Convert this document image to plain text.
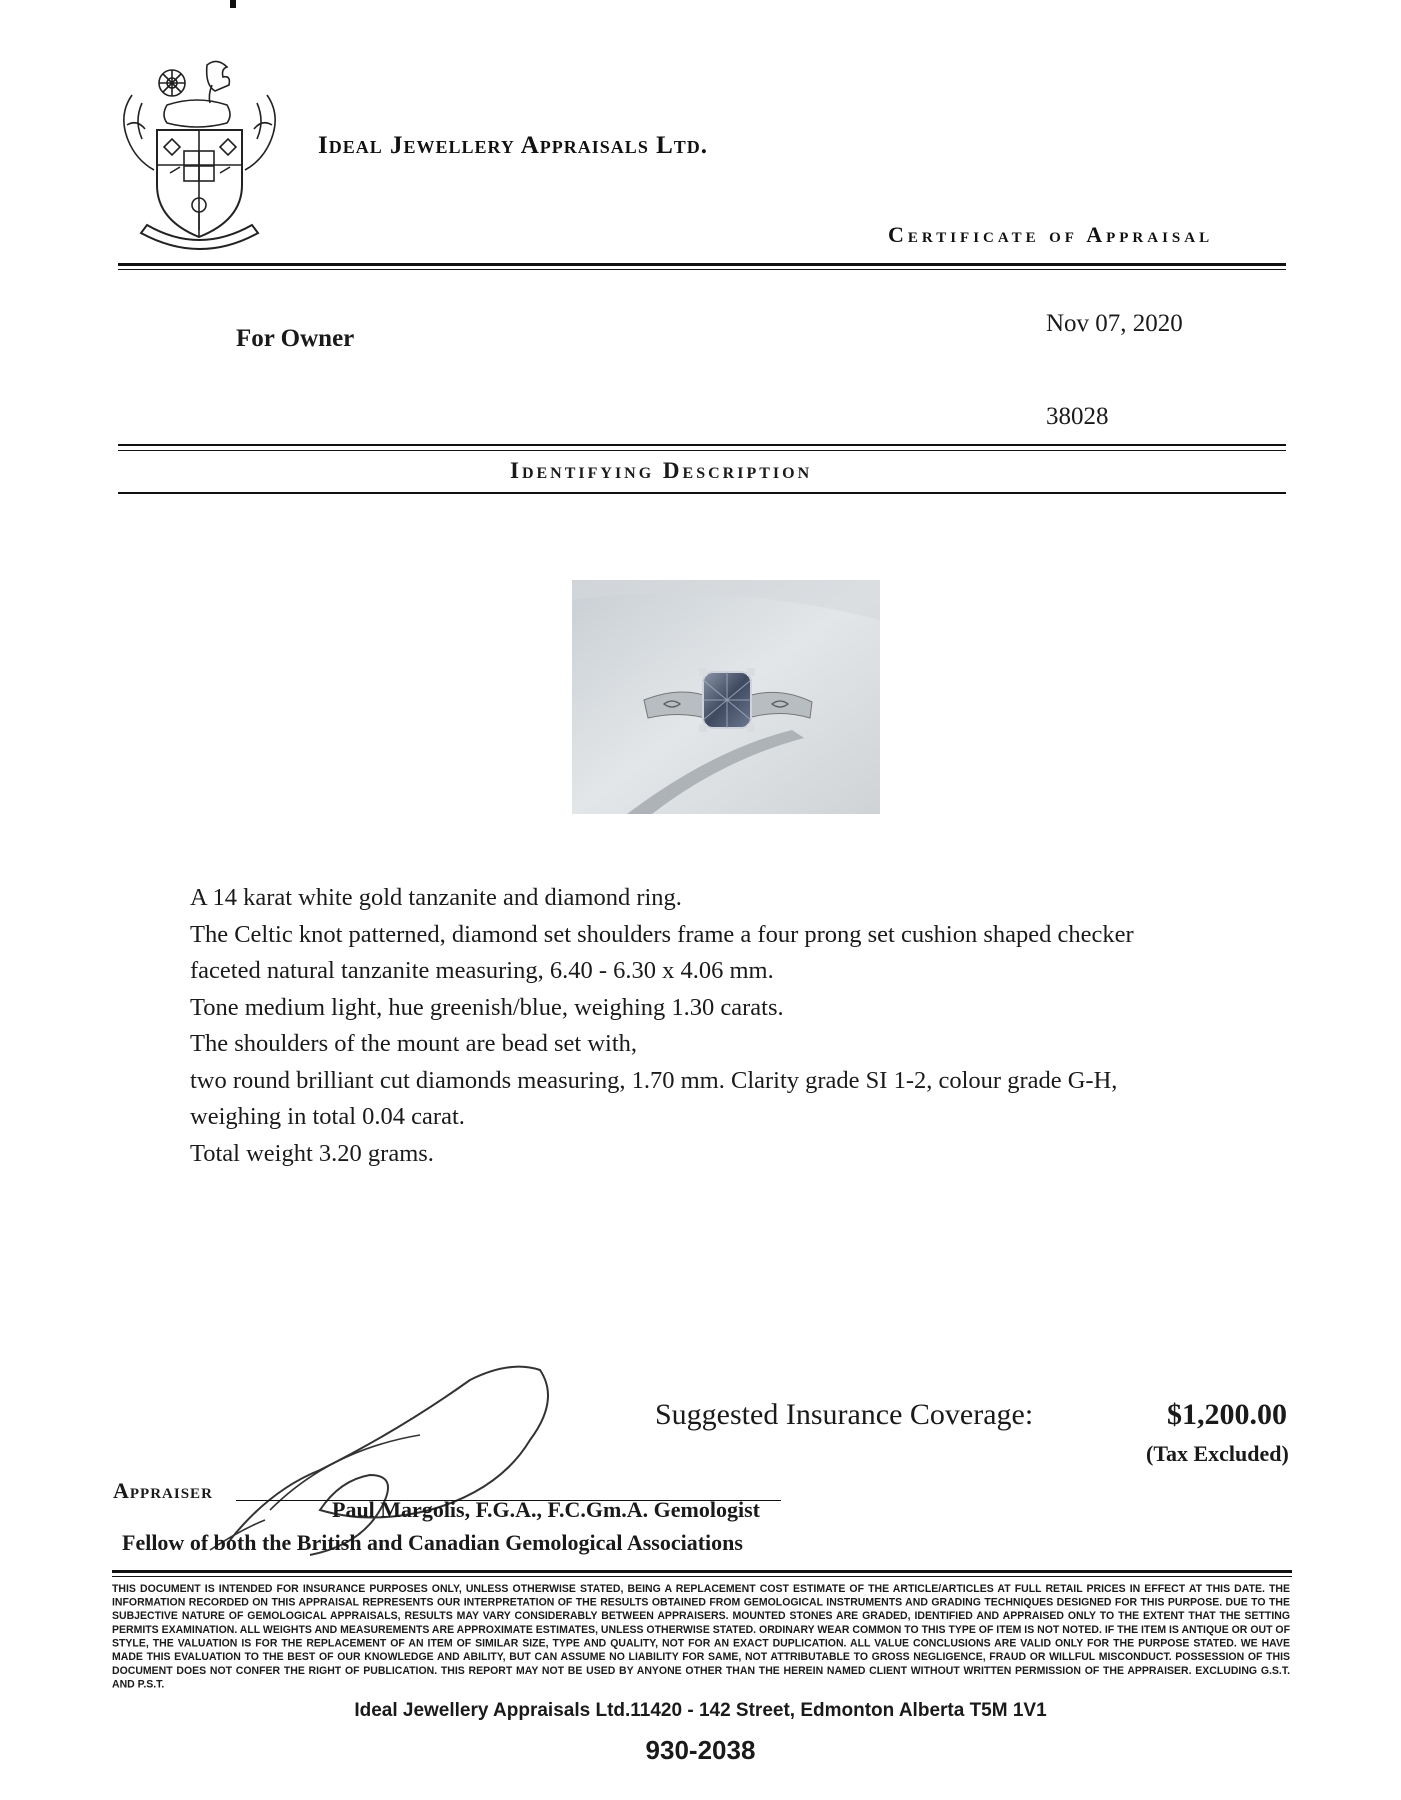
Ideal Jewellery Appraisals Ltd.
Certificate of Appraisal
For Owner
Nov 07, 2020
38028
Identifying Description
A 14 karat white gold tanzanite and diamond ring.
The Celtic knot patterned, diamond set shoulders frame a four prong set cushion shaped checker
faceted natural tanzanite measuring, 6.40 - 6.30 x 4.06 mm.
Tone medium light, hue greenish/blue, weighing 1.30 carats.
The shoulders of the mount are bead set with,
two round brilliant cut diamonds measuring, 1.70 mm. Clarity grade SI 1-2, colour grade G-H,
weighing in total 0.04 carat.
Total weight 3.20 grams.
Suggested Insurance Coverage:	$1,200.00
(Tax Excluded)
Appraiser
Paul Margolis, F.G.A., F.C.Gm.A. Gemologist
Fellow of both the British and Canadian Gemological Associations
THIS DOCUMENT IS INTENDED FOR INSURANCE PURPOSES ONLY, UNLESS OTHERWISE STATED, BEING A REPLACEMENT COST ESTIMATE OF THE ARTICLE/ARTICLES AT FULL RETAIL PRICES IN EFFECT AT THIS DATE. THE INFORMATION RECORDED ON THIS APPRAISAL REPRESENTS OUR INTERPRETATION OF THE RESULTS OBTAINED FROM GEMOLOGICAL INSTRUMENTS AND GRADING TECHNIQUES DESIGNED FOR THIS PURPOSE. DUE TO THE SUBJECTIVE NATURE OF GEMOLOGICAL APPRAISALS, RESULTS MAY VARY CONSIDERABLY BETWEEN APPRAISERS. MOUNTED STONES ARE GRADED, IDENTIFIED AND APPRAISED ONLY TO THE EXTENT THAT THE SETTING PERMITS EXAMINATION. ALL WEIGHTS AND MEASUREMENTS ARE APPROXIMATE ESTIMATES, UNLESS OTHERWISE STATED. ORDINARY WEAR COMMON TO THIS TYPE OF ITEM IS NOT NOTED. IF THE ITEM IS ANTIQUE OR OUT OF STYLE, THE VALUATION IS FOR THE REPLACEMENT OF AN ITEM OF SIMILAR SIZE, TYPE AND QUALITY, NOT FOR AN EXACT DUPLICATION. ALL VALUE CONCLUSIONS ARE VALID ONLY FOR THE PURPOSE STATED. WE HAVE MADE THIS EVALUATION TO THE BEST OF OUR KNOWLEDGE AND ABILITY, BUT CAN ASSUME NO LIABILITY FOR SAME, NOT ATTRIBUTABLE TO GROSS NEGLIGENCE, FRAUD OR WILLFUL MISCONDUCT. POSSESSION OF THIS DOCUMENT DOES NOT CONFER THE RIGHT OF PUBLICATION. THIS REPORT MAY NOT BE USED BY ANYONE OTHER THAN THE HEREIN NAMED CLIENT WITHOUT WRITTEN PERMISSION OF THE APPRAISER. EXCLUDING G.S.T. AND P.S.T.
Ideal Jewellery Appraisals Ltd.11420 - 142 Street, Edmonton Alberta T5M 1V1
930-2038
